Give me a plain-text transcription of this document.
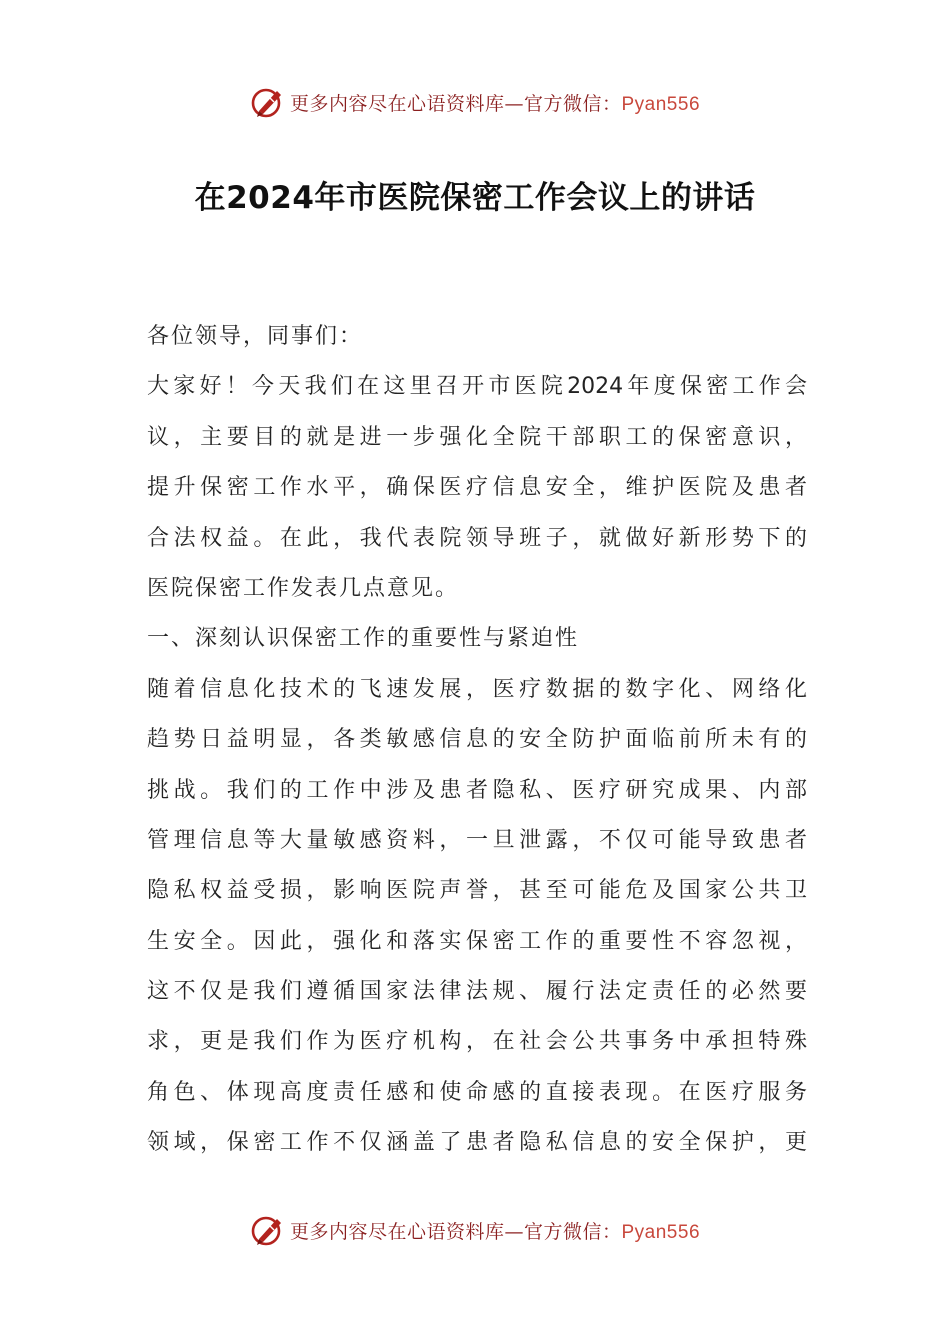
更多内容尽在心语资料库—官方微信：Pyan556
在2024年市医院保密工作会议上的讲话
各位领导，同事们：
大家好！今天我们在这里召开市医院2024年度保密工作会
议，主要目的就是进一步强化全院干部职工的保密意识，
提升保密工作水平，确保医疗信息安全，维护医院及患者
合法权益。在此，我代表院领导班子，就做好新形势下的
医院保密工作发表几点意见。
一、深刻认识保密工作的重要性与紧迫性
随着信息化技术的飞速发展，医疗数据的数字化、网络化
趋势日益明显，各类敏感信息的安全防护面临前所未有的
挑战。我们的工作中涉及患者隐私、医疗研究成果、内部
管理信息等大量敏感资料，一旦泄露，不仅可能导致患者
隐私权益受损，影响医院声誉，甚至可能危及国家公共卫
生安全。因此，强化和落实保密工作的重要性不容忽视，
这不仅是我们遵循国家法律法规、履行法定责任的必然要
求，更是我们作为医疗机构，在社会公共事务中承担特殊
角色、体现高度责任感和使命感的直接表现。在医疗服务
领域，保密工作不仅涵盖了患者隐私信息的安全保护，更
更多内容尽在心语资料库—官方微信：Pyan556
